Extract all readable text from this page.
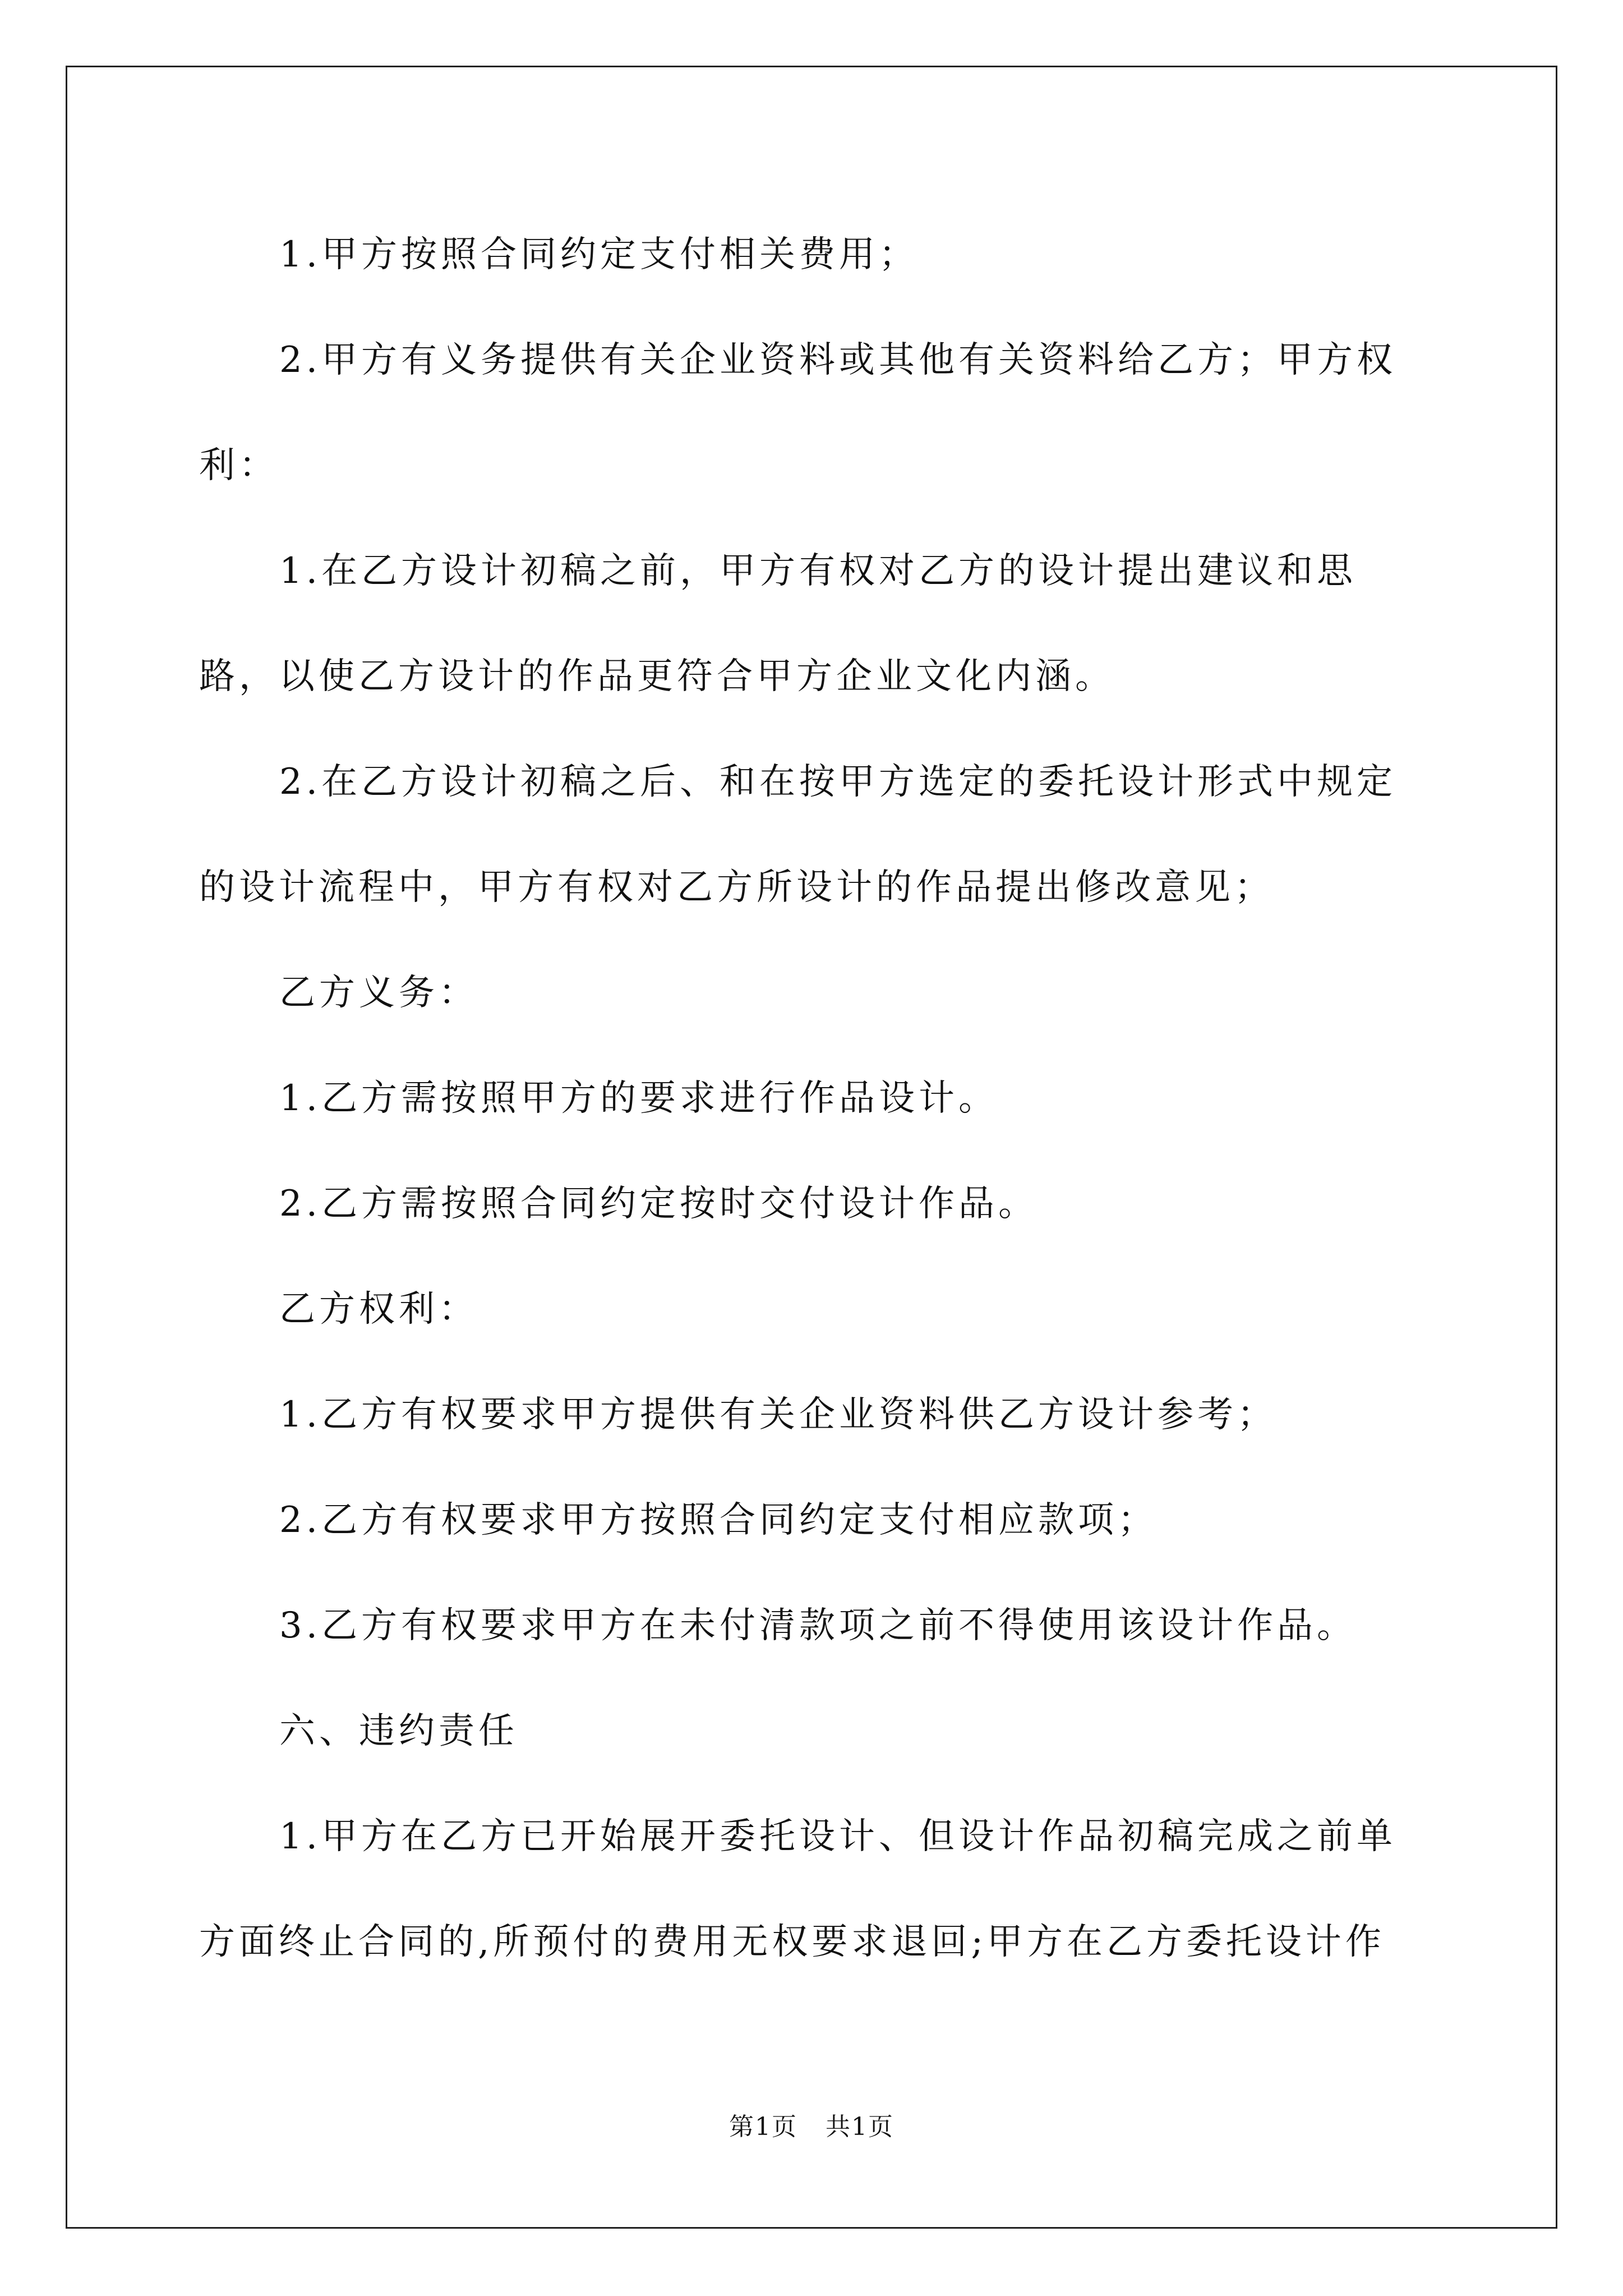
1.甲方按照合同约定支付相关费用；

2.甲方有义务提供有关企业资料或其他有关资料给乙方；甲方权利：

1.在乙方设计初稿之前，甲方有权对乙方的设计提出建议和思路，以使乙方设计的作品更符合甲方企业文化内涵。

2.在乙方设计初稿之后、和在按甲方选定的委托设计形式中规定的设计流程中，甲方有权对乙方所设计的作品提出修改意见；

乙方义务：

1.乙方需按照甲方的要求进行作品设计。

2.乙方需按照合同约定按时交付设计作品。

乙方权利：

1.乙方有权要求甲方提供有关企业资料供乙方设计参考；

2.乙方有权要求甲方按照合同约定支付相应款项；

3.乙方有权要求甲方在未付清款项之前不得使用该设计作品。

六、违约责任

1.甲方在乙方已开始展开委托设计、但设计作品初稿完成之前单方面终止合同的,所预付的费用无权要求退回;甲方在乙方委托设计作

第1页 共1页
